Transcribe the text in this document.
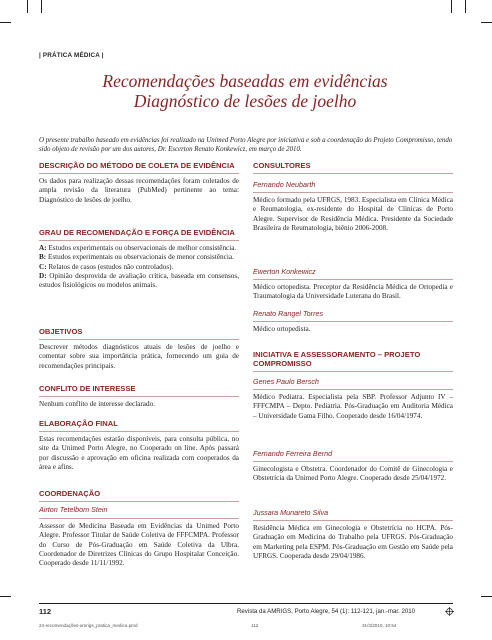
| PRÁTICA MÉDICA |
Recomendações baseadas em evidências
Diagnóstico de lesões de joelho

O presente trabalho baseado em evidências foi realizado na Unimed Porto Alegre por iniciativa e sob a coordenação do Projeto Compromisso, tendo sido objeto de revisão por um dos autores, Dr. Escerton Renato Konkewicz, em março de 2010.

DESCRIÇÃO DO MÉTODO DE COLETA DE EVIDÊNCIA

Os dados para realização dessas recomendações foram coletados de ampla revisão da literatura (PubMed) pertinente ao tema: Diagnóstico de lesões de joelho.

GRAU DE RECOMENDAÇÃO E FORÇA DE EVIDÊNCIA

A: Estudos experimentais ou observacionais de melhor consistência.

B: Estudos experimentais ou observacionais de menor consistência.

C: Relatos de casos (estudos não controlados).

D: Opinião desprovida de avaliação crítica, baseada em consensos, estudos fisiológicos ou modelos animais.

OBJETIVOS

Descrever métodos diagnósticos atuais de lesões de joelho e comentar sobre sua importância prática, fornecendo um guia de recomendações principais.

CONFLITO DE INTERESSE

Nenhum conflito de interesse declarado.

ELABORAÇÃO FINAL

Estas recomendações estarão disponíveis, para consulta pública, no site da Unimed Porto Alegre, no Cooperado on line. Após passará por discussão e aprovação em oficina realizada com cooperados da área e afins.

COORDENAÇÃO

Airton Tetelbom Stein

Assessor de Medicina Baseada em Evidências da Unimed Porto Alegre. Professor Titular de Saúde Coletiva de FFFCMPA. Professor do Curso de Pós-Graduação em Saúde Coletiva da Ulbra. Coordenador de Diretrizes Clínicas do Grupo Hospitalar Conceição. Cooperado desde 11/11/1992.

CONSULTORES

Fernando Neubarth

Médico formado pela UFRGS, 1983. Especialista em Clínica Médica e Reumatologia, ex-residente do Hospital de Clínicas de Porto Alegre. Supervisor de Residência Médica. Presidente da Sociedade Brasileira de Reumatologia, biênio 2006-2008.

Ewerton Konkewicz

Médico ortopedista. Preceptor da Residência Médica de Ortopedia e Traumatologia da Universidade Luterana do Brasil.

Renato Rangel Torres

Médico ortopedista.

INICIATIVA E ASSESSORAMENTO – PROJETO COMPROMISSO

Genes Paulo Bersch

Médico Pediatra. Especialista pela SBP. Professor Adjunto IV – FFFCMPA – Depto. Pediatria. Pós-Graduação em Auditoria Médica – Universidade Gama Filho. Cooperado desde 16/04/1974.

Fernando Ferreira Bernd

Ginecologista e Obstetra. Coordenador do Comitê de Ginecologia e Obstetrícia da Unimed Porto Alegre. Cooperado desde 25/04/1972.

Jussara Munareto Silva

Residência Médica em Ginecologia e Obstetrícia no HCPA. Pós-Graduação em Medicina do Trabalho pela UFRGS. Pós-Graduação em Marketing pela ESPM. Pós-Graduação em Gestão em Saúde pela UFRGS. Cooperada desde 29/04/1986.

112	Revista da AMRIGS, Porto Alegre, 54 (1): 112-121, jan.-mar. 2010
24-recomendações-amrigs_pratica_medica.pmd	112	31/3/2010, 10:54
